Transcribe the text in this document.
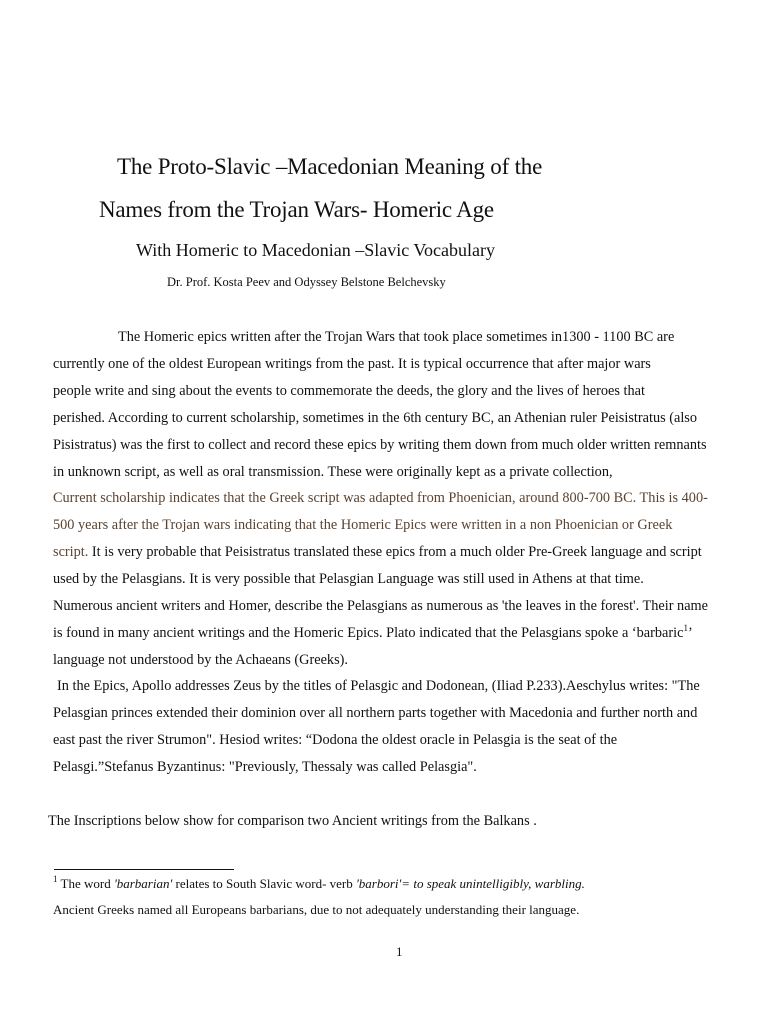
The Proto-Slavic –Macedonian Meaning of the
Names from the Trojan Wars- Homeric Age
With Homeric to Macedonian –Slavic Vocabulary
Dr. Prof. Kosta Peev and Odyssey Belstone Belchevsky
The Homeric epics written after the Trojan Wars that took place sometimes in1300 - 1100 BC are
currently one of the oldest European writings from the past. It is typical occurrence that after major wars
people write and sing about the events to commemorate the deeds, the glory and the lives of heroes that
perished. According to current scholarship, sometimes in the 6th century BC, an Athenian ruler Peisistratus (also
Pisistratus) was the first to collect and record these epics by writing them down from much older written remnants
in unknown script, as well as oral transmission. These were originally kept as a private collection,
Current scholarship indicates that the Greek script was adapted from Phoenician, around 800-700 BC. This is 400-
500 years after the Trojan wars indicating that the Homeric Epics were written in a non Phoenician or Greek
script. It is very probable that Peisistratus translated these epics from a much older Pre-Greek language and script
used by the Pelasgians. It is very possible that Pelasgian Language was still used in Athens at that time.
Numerous ancient writers and Homer, describe the Pelasgians as numerous as 'the leaves in the forest'. Their name
is found in many ancient writings and the Homeric Epics. Plato indicated that the Pelasgians spoke a ‘barbaric$^1$’
language not understood by the Achaeans (Greeks).
In the Epics, Apollo addresses Zeus by the titles of Pelasgic and Dodonean, (Iliad P.233).Aeschylus writes: "The
Pelasgian princes extended their dominion over all northern parts together with Macedonia and further north and
east past the river Strumon". Hesiod writes: “Dodona the oldest oracle in Pelasgia is the seat of the
Pelasgi.”Stefanus Byzantinus: "Previously, Thessaly was called Pelasgia".
The Inscriptions below show for comparison two Ancient writings from the Balkans .
$^1$ The word 'barbarian' relates to South Slavic word- verb 'barbori'= to speak unintelligibly, warbling.
Ancient Greeks named all Europeans barbarians, due to not adequately understanding their language.
1
